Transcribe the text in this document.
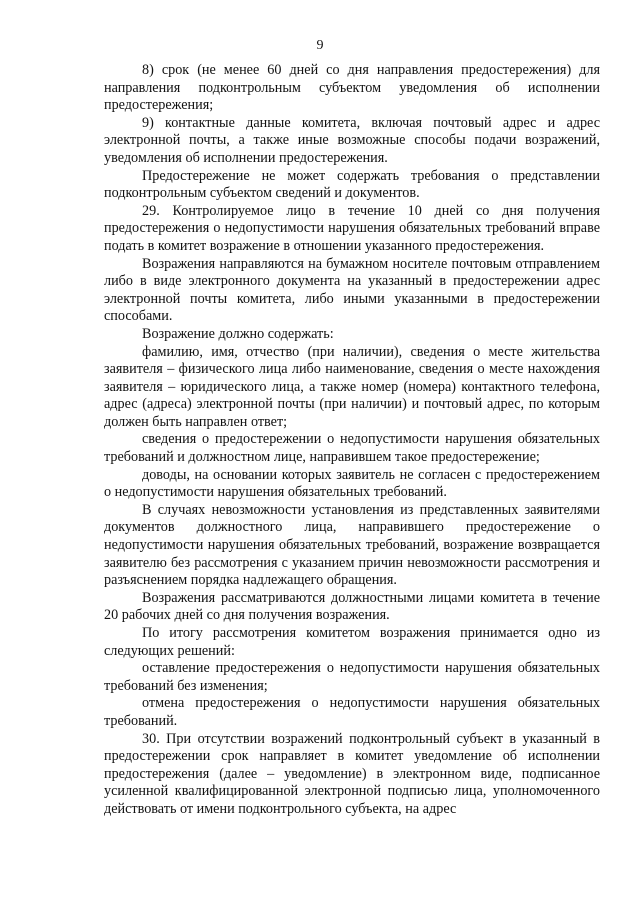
9

8) срок (не менее 60 дней со дня направления предостережения) для направления подконтрольным субъектом уведомления об исполнении предостережения;

9) контактные данные комитета, включая почтовый адрес и адрес электронной почты, а также иные возможные способы подачи возражений, уведомления об исполнении предостережения.

Предостережение не может содержать требования о представлении подконтрольным субъектом сведений и документов.

29. Контролируемое лицо в течение 10 дней со дня получения предостережения о недопустимости нарушения обязательных требований вправе подать в комитет возражение в отношении указанного предостережения.

Возражения направляются на бумажном носителе почтовым отправлением либо в виде электронного документа на указанный в предостережении адрес электронной почты комитета, либо иными указанными в предостережении способами.

Возражение должно содержать:

фамилию, имя, отчество (при наличии), сведения о месте жительства заявителя – физического лица либо наименование, сведения о месте нахождения заявителя – юридического лица, а также номер (номера) контактного телефона, адрес (адреса) электронной почты (при наличии) и почтовый адрес, по которым должен быть направлен ответ;

сведения о предостережении о недопустимости нарушения обязательных требований и должностном лице, направившем такое предостережение;

доводы, на основании которых заявитель не согласен с предостережением о недопустимости нарушения обязательных требований.

В случаях невозможности установления из представленных заявителями документов должностного лица, направившего предостережение о недопустимости нарушения обязательных требований, возражение возвращается заявителю без рассмотрения с указанием причин невозможности рассмотрения и разъяснением порядка надлежащего обращения.

Возражения рассматриваются должностными лицами комитета в течение 20 рабочих дней со дня получения возражения.

По итогу рассмотрения комитетом возражения принимается одно из следующих решений:

оставление предостережения о недопустимости нарушения обязательных требований без изменения;

отмена предостережения о недопустимости нарушения обязательных требований.

30. При отсутствии возражений подконтрольный субъект в указанный в предостережении срок направляет в комитет уведомление об исполнении предостережения (далее – уведомление) в электронном виде, подписанное усиленной квалифицированной электронной подписью лица, уполномоченного действовать от имени подконтрольного субъекта, на адрес
